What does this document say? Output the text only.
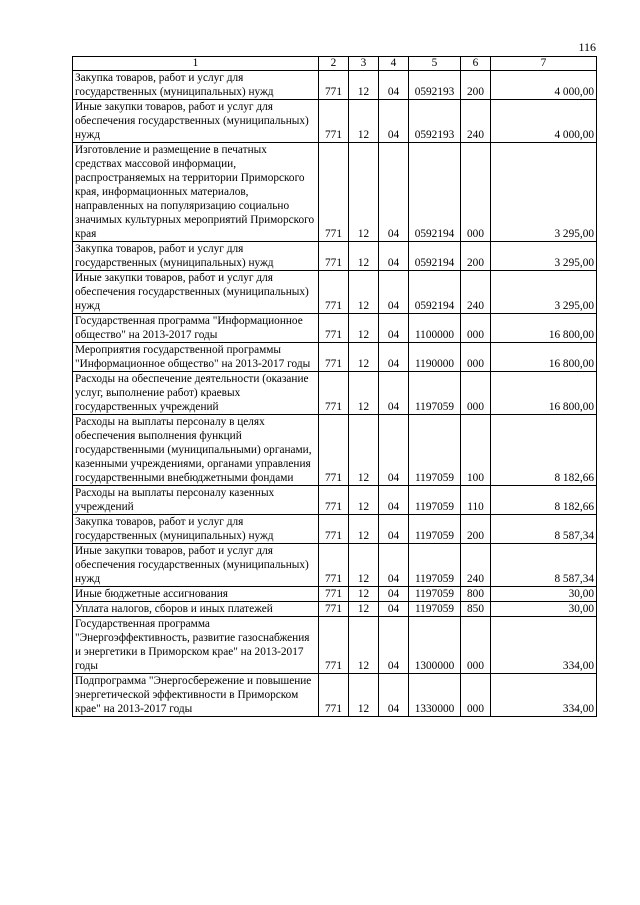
116
1	2	3	4	5	6	7
Закупка товаров, работ и услуг для государственных (муниципальных) нужд	771	12	04	0592193	200	4 000,00
Иные закупки товаров, работ и услуг для обеспечения государственных (муниципальных) нужд	771	12	04	0592193	240	4 000,00
Изготовление и размещение в печатных средствах массовой информации, распространяемых на территории Приморского края, информационных материалов, направленных на популяризацию социально значимых культурных мероприятий Приморского края	771	12	04	0592194	000	3 295,00
Закупка товаров, работ и услуг для государственных (муниципальных) нужд	771	12	04	0592194	200	3 295,00
Иные закупки товаров, работ и услуг для обеспечения государственных (муниципальных) нужд	771	12	04	0592194	240	3 295,00
Государственная программа "Информационное общество" на 2013-2017 годы	771	12	04	1100000	000	16 800,00
Мероприятия государственной программы "Информационное общество" на 2013-2017 годы	771	12	04	1190000	000	16 800,00
Расходы на обеспечение деятельности (оказание услуг, выполнение работ) краевых государственных учреждений	771	12	04	1197059	000	16 800,00
Расходы на выплаты персоналу в целях обеспечения выполнения функций государственными (муниципальными) органами, казенными учреждениями, органами управления государственными внебюджетными фондами	771	12	04	1197059	100	8 182,66
Расходы на выплаты персоналу казенных учреждений	771	12	04	1197059	110	8 182,66
Закупка товаров, работ и услуг для государственных (муниципальных) нужд	771	12	04	1197059	200	8 587,34
Иные закупки товаров, работ и услуг для обеспечения государственных (муниципальных) нужд	771	12	04	1197059	240	8 587,34
Иные бюджетные ассигнования	771	12	04	1197059	800	30,00
Уплата налогов, сборов и иных платежей	771	12	04	1197059	850	30,00
Государственная программа "Энергоэффективность, развитие газоснабжения и энергетики в Приморском крае" на 2013-2017 годы	771	12	04	1300000	000	334,00
Подпрограмма "Энергосбережение и повышение энергетической эффективности в Приморском крае" на 2013-2017 годы	771	12	04	1330000	000	334,00
